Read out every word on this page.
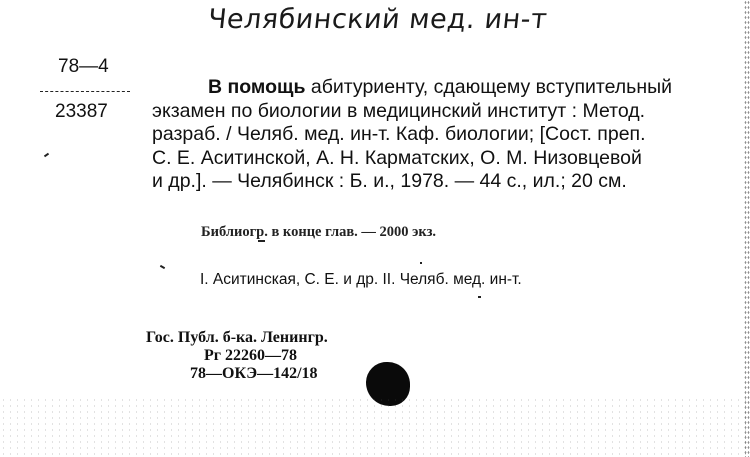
Челябинский мед. ин-т
78—4
23387
В помощь абитуриенту, сдающему вступительный
экзамен по биологии в медицинский институт : Метод.
разраб. / Челяб. мед. ин-т. Каф. биологии; [Сост. преп.
С. Е. Аситинской, А. Н. Карматских, О. М. Низовцевой
и др.]. — Челябинск : Б. и., 1978. — 44 с., ил.; 20 см.
Библиогр. в конце глав. — 2000 экз.
I. Аситинская, С. Е. и др. II. Челяб. мед. ин-т.
Гос. Публ. б-ка. Ленингр.
Рг 22260—78
78—ОКЭ—142/18
